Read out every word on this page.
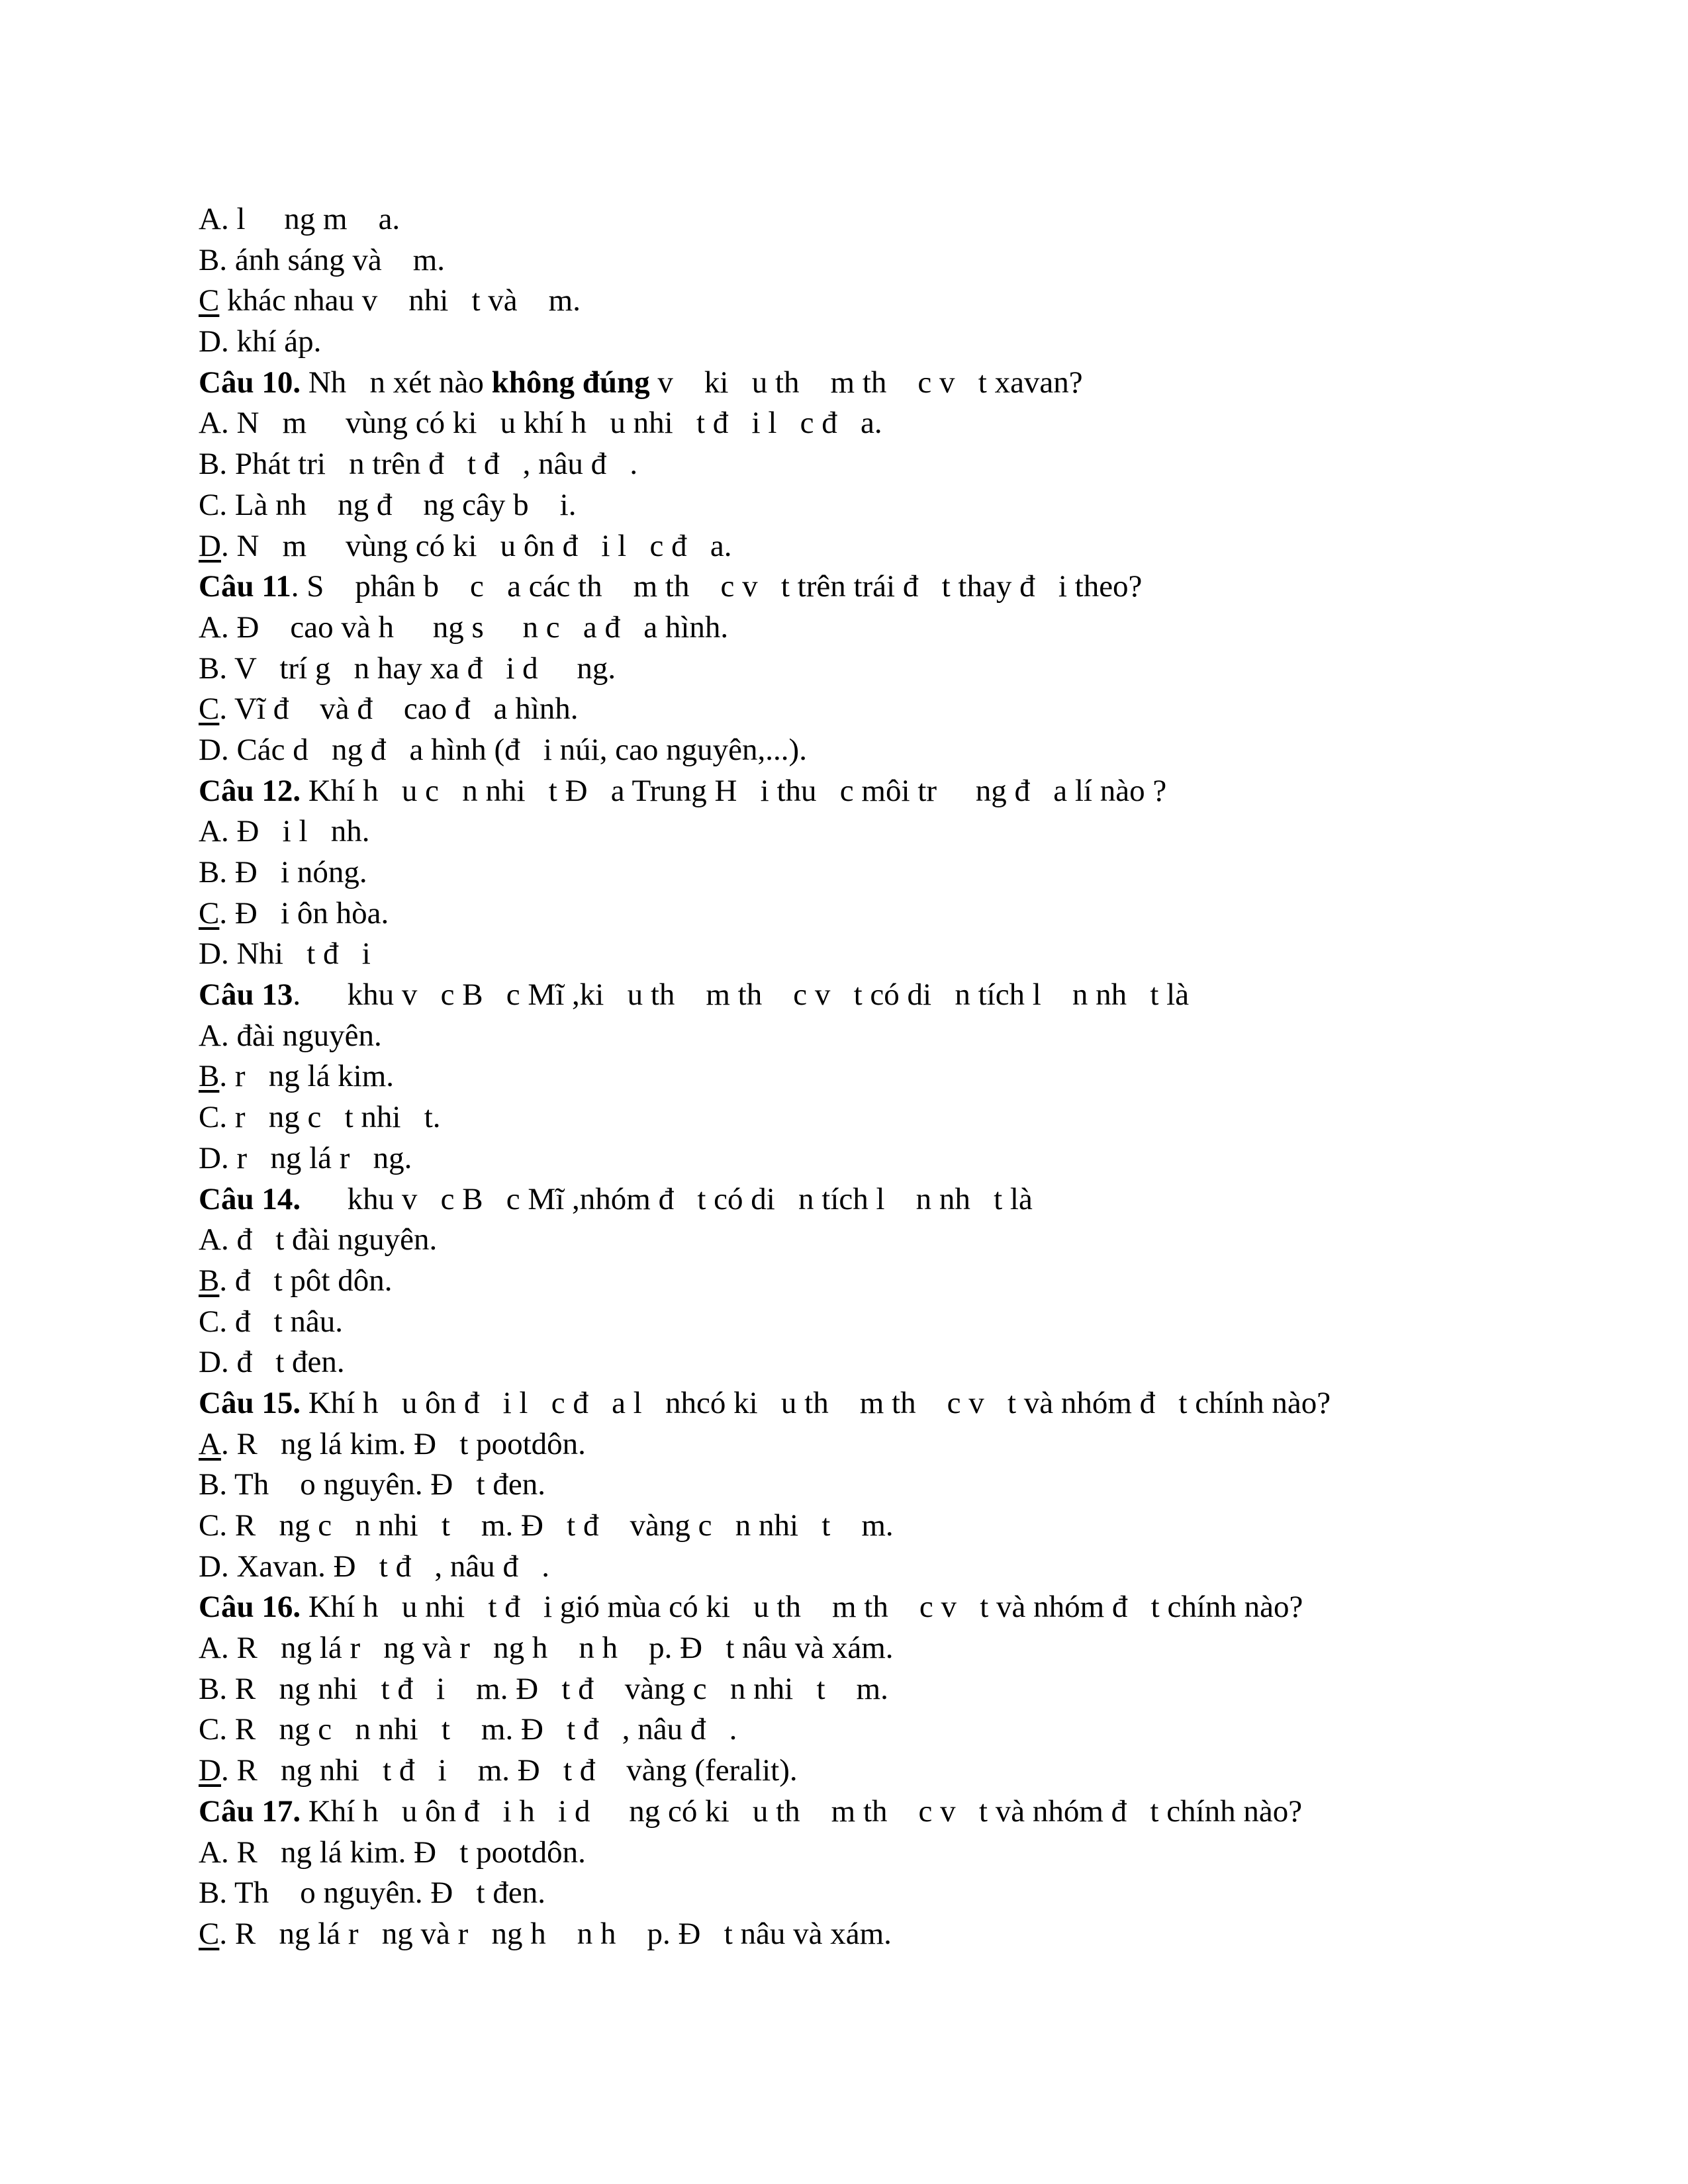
A. l     ng m    a.
B. ánh sáng và    m.
C khác nhau v    nhi   t và    m.
D. khí áp.
Câu 10. Nh   n xét nào không đúng v    ki   u th    m th    c v   t xavan?
A. N   m     vùng có ki   u khí h   u nhi   t đ   i l   c đ   a.
B. Phát tri   n trên đ   t đ   , nâu đ   .
C. Là nh    ng đ    ng cây b    i.
D. N   m     vùng có ki   u ôn đ   i l   c đ   a.
Câu 11. S    phân b    c   a các th    m th    c v   t trên trái đ   t thay đ   i theo?
A. Đ    cao và h     ng s     n c   a đ   a hình.
B. V   trí g   n hay xa đ   i d     ng.
C. Vĩ đ    và đ    cao đ   a hình.
D. Các d   ng đ   a hình (đ   i núi, cao nguyên,...).
Câu 12. Khí h   u c   n nhi   t Đ   a Trung H   i thu   c môi tr     ng đ   a lí nào ?
A. Đ   i l   nh.
B. Đ   i nóng.
C. Đ   i ôn hòa.
D. Nhi   t đ   i
Câu 13.      khu v   c B   c Mĩ ,ki   u th    m th    c v   t có di   n tích l    n nh   t là
A. đài nguyên.
B. r   ng lá kim.
C. r   ng c   t nhi   t.
D. r   ng lá r   ng.
Câu 14.      khu v   c B   c Mĩ ,nhóm đ   t có di   n tích l    n nh   t là
A. đ   t đài nguyên.
B. đ   t pôt dôn.
C. đ   t nâu.
D. đ   t đen.
Câu 15. Khí h   u ôn đ   i l   c đ   a l   nhcó ki   u th    m th    c v   t và nhóm đ   t chính nào?
A. R   ng lá kim. Đ   t pootdôn.
B. Th    o nguyên. Đ   t đen.
C. R   ng c   n nhi   t    m. Đ   t đ    vàng c   n nhi   t    m.
D. Xavan. Đ   t đ   , nâu đ   .
Câu 16. Khí h   u nhi   t đ   i gió mùa có ki   u th    m th    c v   t và nhóm đ   t chính nào?
A. R   ng lá r   ng và r   ng h    n h    p. Đ   t nâu và xám.
B. R   ng nhi   t đ   i    m. Đ   t đ    vàng c   n nhi   t    m.
C. R   ng c   n nhi   t    m. Đ   t đ   , nâu đ   .
D. R   ng nhi   t đ   i    m. Đ   t đ    vàng (feralit).
Câu 17. Khí h   u ôn đ   i h   i d     ng có ki   u th    m th    c v   t và nhóm đ   t chính nào?
A. R   ng lá kim. Đ   t pootdôn.
B. Th    o nguyên. Đ   t đen.
C. R   ng lá r   ng và r   ng h    n h    p. Đ   t nâu và xám.
